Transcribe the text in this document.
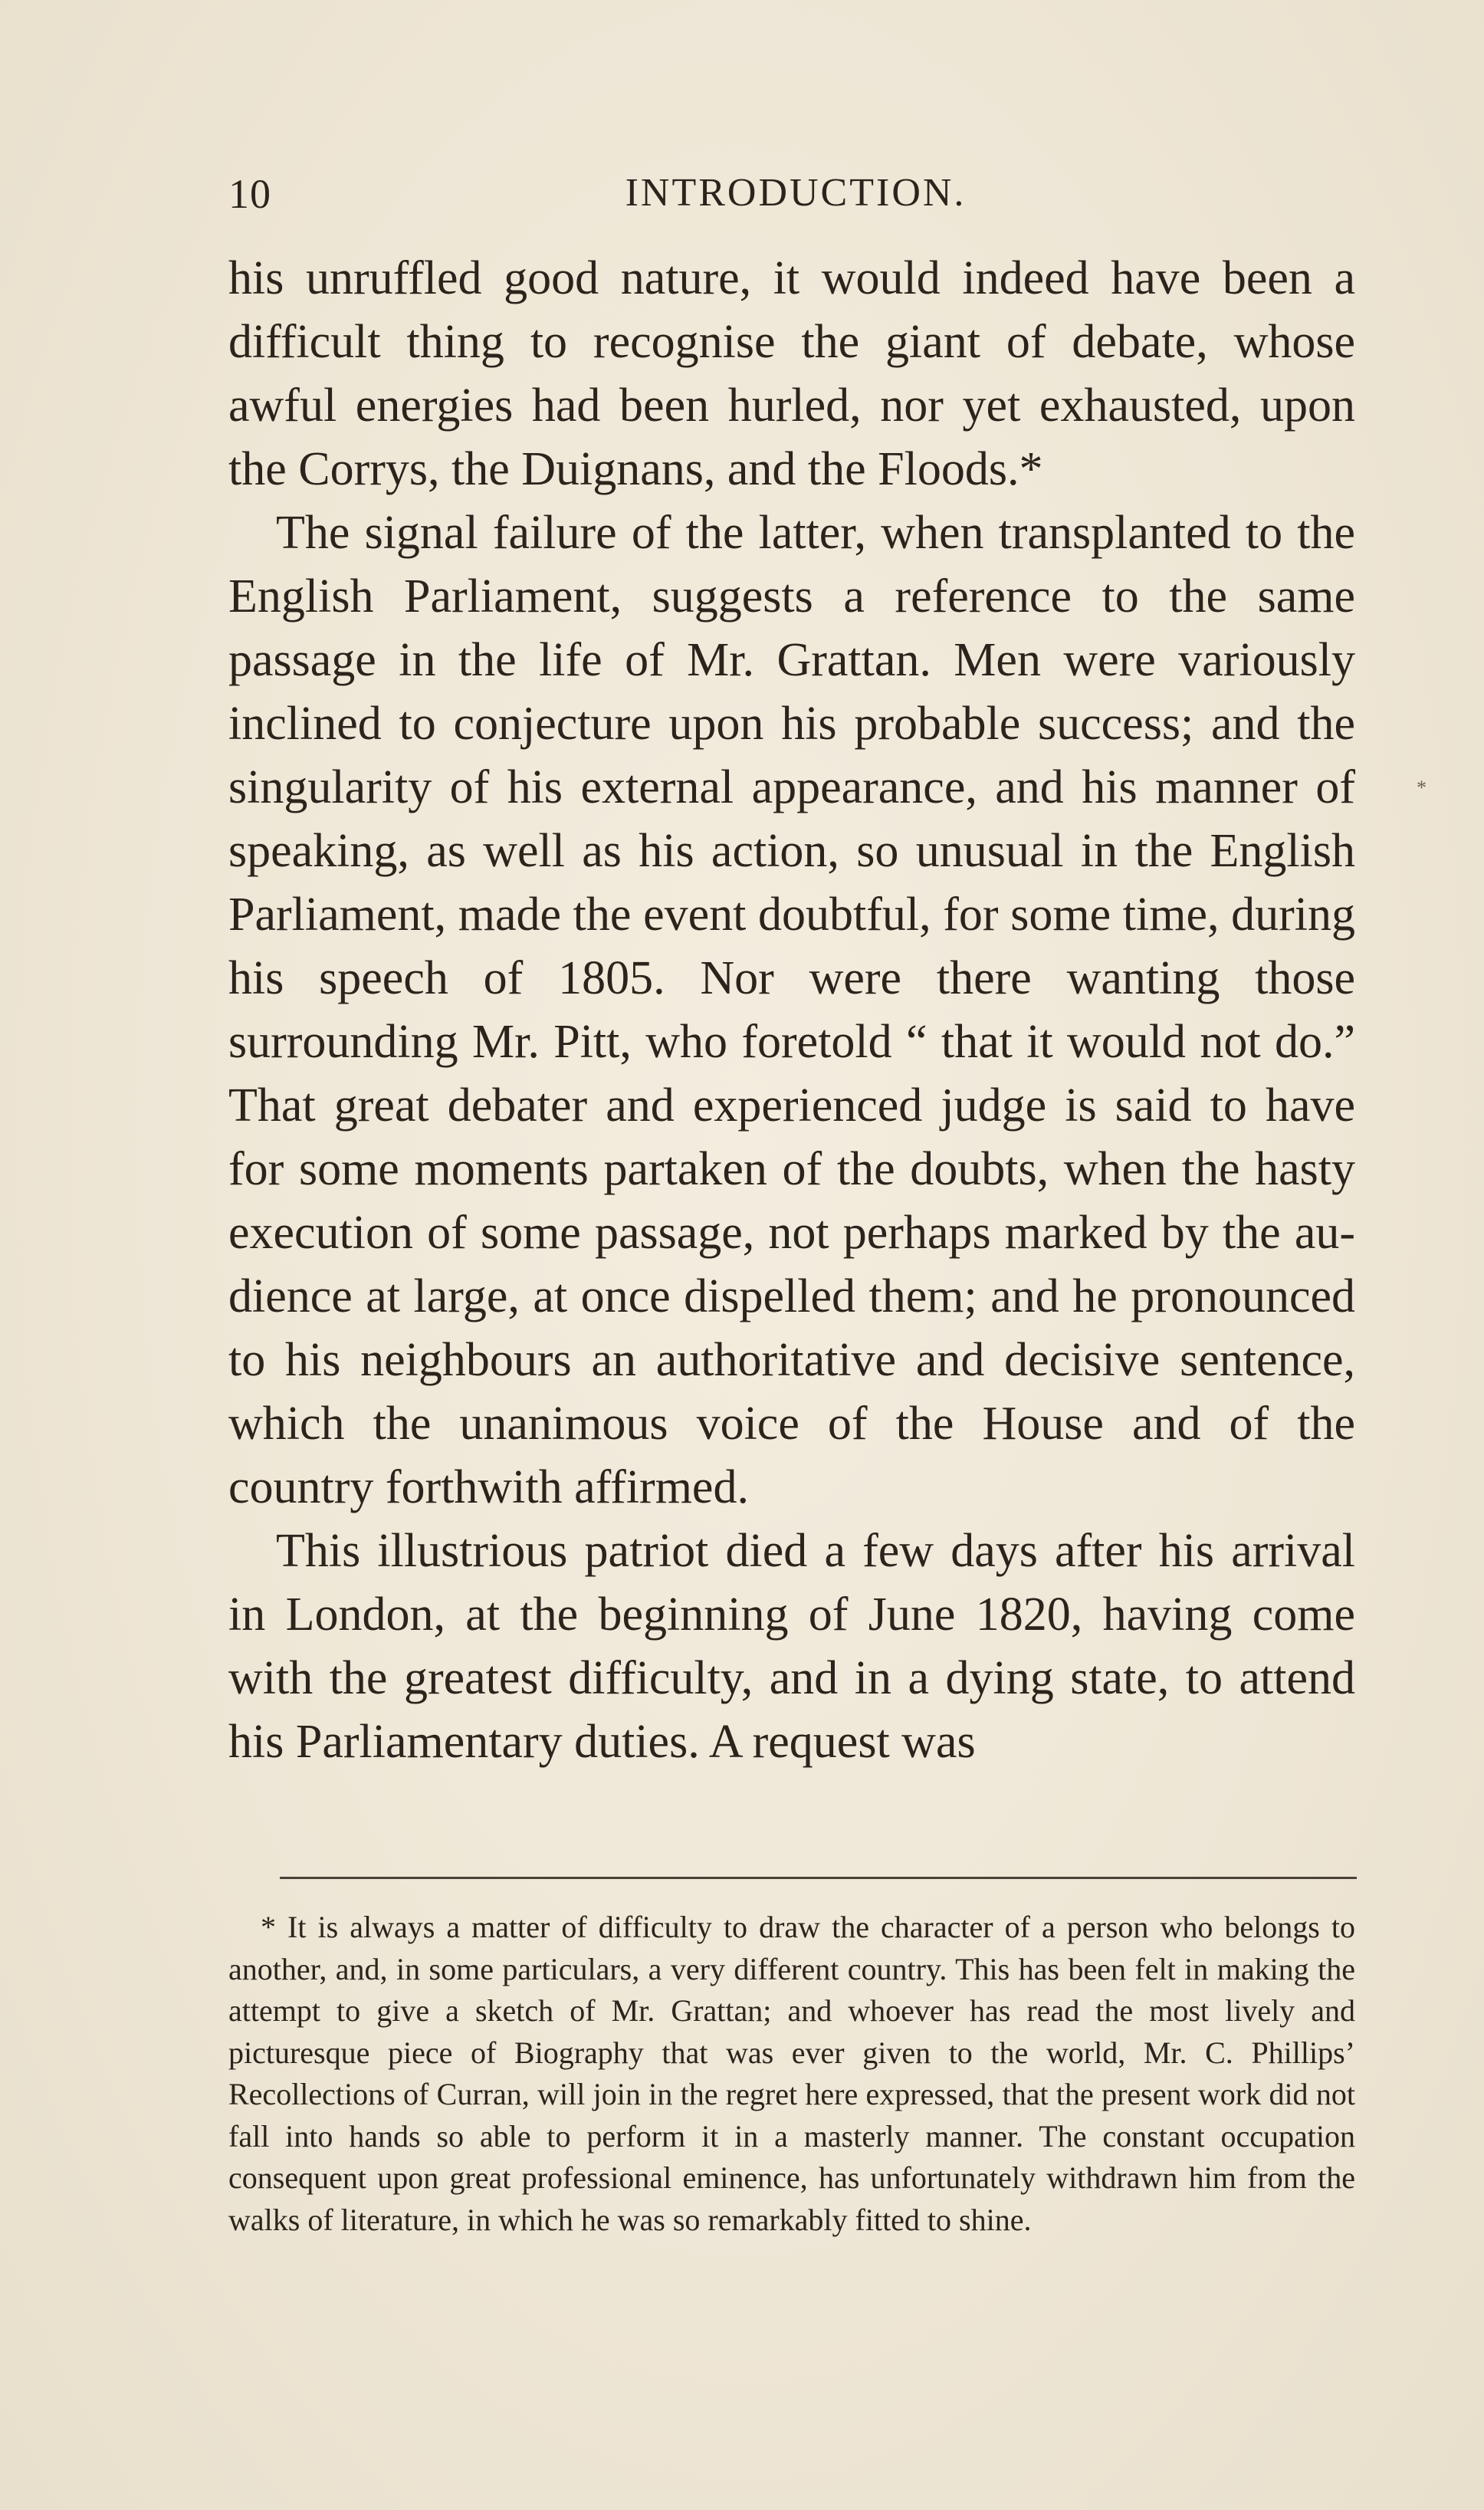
10	INTRODUCTION.

his unruffled good nature, it would indeed have been a difficult thing to recognise the giant of debate, whose awful energies had been hurled, nor yet exhausted, upon the Corrys, the Duignans, and the Floods.*

The signal failure of the latter, when transplanted to the English Parliament, suggests a reference to the same passage in the life of Mr. Grattan. Men were variously inclined to conjecture upon his probable success; and the singularity of his external appearance, and his manner of speaking, as well as his action, so unusual in the English Parliament, made the event doubtful, for some time, during his speech of 1805. Nor were there wanting those surrounding Mr. Pitt, who foretold “ that it would not do.” That great debater and experienced judge is said to have for some moments partaken of the doubts, when the hasty execution of some passage, not perhaps marked by the audience at large, at once dispelled them; and he pronounced to his neighbours an authoritative and decisive sentence, which the unanimous voice of the House and of the country forthwith affirmed.

This illustrious patriot died a few days after his arrival in London, at the beginning of June 1820, having come with the greatest difficulty, and in a dying state, to attend his Parliamentary duties. A request was

*

* It is always a matter of difficulty to draw the character of a person who belongs to another, and, in some particulars, a very different country. This has been felt in making the attempt to give a sketch of Mr. Grattan; and whoever has read the most lively and picturesque piece of Biography that was ever given to the world, Mr. C. Phillips’ Recollections of Curran, will join in the regret here expressed, that the present work did not fall into hands so able to perform it in a masterly manner. The constant occupation consequent upon great professional eminence, has unfortunately withdrawn him from the walks of literature, in which he was so remarkably fitted to shine.
